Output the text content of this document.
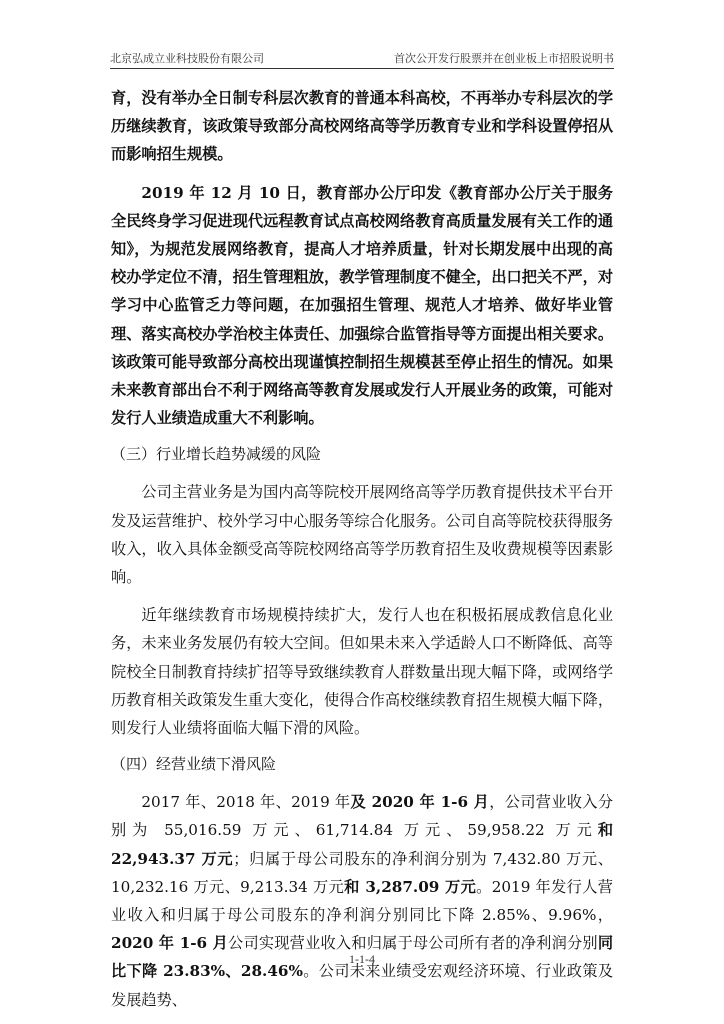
北京弘成立业科技股份有限公司	首次公开发行股票并在创业板上市招股说明书

育，没有举办全日制专科层次教育的普通本科高校，不再举办专科层次的学历继续教育，该政策导致部分高校网络高等学历教育专业和学科设置停招从而影响招生规模。

2019 年 12 月 10 日，教育部办公厅印发《教育部办公厅关于服务全民终身学习促进现代远程教育试点高校网络教育高质量发展有关工作的通知》，为规范发展网络教育，提高人才培养质量，针对长期发展中出现的高校办学定位不清，招生管理粗放，教学管理制度不健全，出口把关不严，对学习中心监管乏力等问题，在加强招生管理、规范人才培养、做好毕业管理、落实高校办学治校主体责任、加强综合监管指导等方面提出相关要求。该政策可能导致部分高校出现谨慎控制招生规模甚至停止招生的情况。如果未来教育部出台不利于网络高等教育发展或发行人开展业务的政策，可能对发行人业绩造成重大不利影响。

（三）行业增长趋势减缓的风险

公司主营业务是为国内高等院校开展网络高等学历教育提供技术平台开发及运营维护、校外学习中心服务等综合化服务。公司自高等院校获得服务收入，收入具体金额受高等院校网络高等学历教育招生及收费规模等因素影响。

近年继续教育市场规模持续扩大，发行人也在积极拓展成教信息化业务，未来业务发展仍有较大空间。但如果未来入学适龄人口不断降低、高等院校全日制教育持续扩招等导致继续教育人群数量出现大幅下降，或网络学历教育相关政策发生重大变化，使得合作高校继续教育招生规模大幅下降，则发行人业绩将面临大幅下滑的风险。

（四）经营业绩下滑风险

2017 年、2018 年、2019 年及 2020 年 1-6 月，公司营业收入分别为 55,016.59 万元、61,714.84 万元、59,958.22 万元和 22,943.37 万元；归属于母公司股东的净利润分别为 7,432.80 万元、10,232.16 万元、9,213.34 万元和 3,287.09 万元。2019 年发行人营业收入和归属于母公司股东的净利润分别同比下降 2.85%、9.96%，2020 年 1-6 月公司实现营业收入和归属于母公司所有者的净利润分别同比下降 23.83%、28.46%。公司未来业绩受宏观经济环境、行业政策及发展趋势、

1-1-4
